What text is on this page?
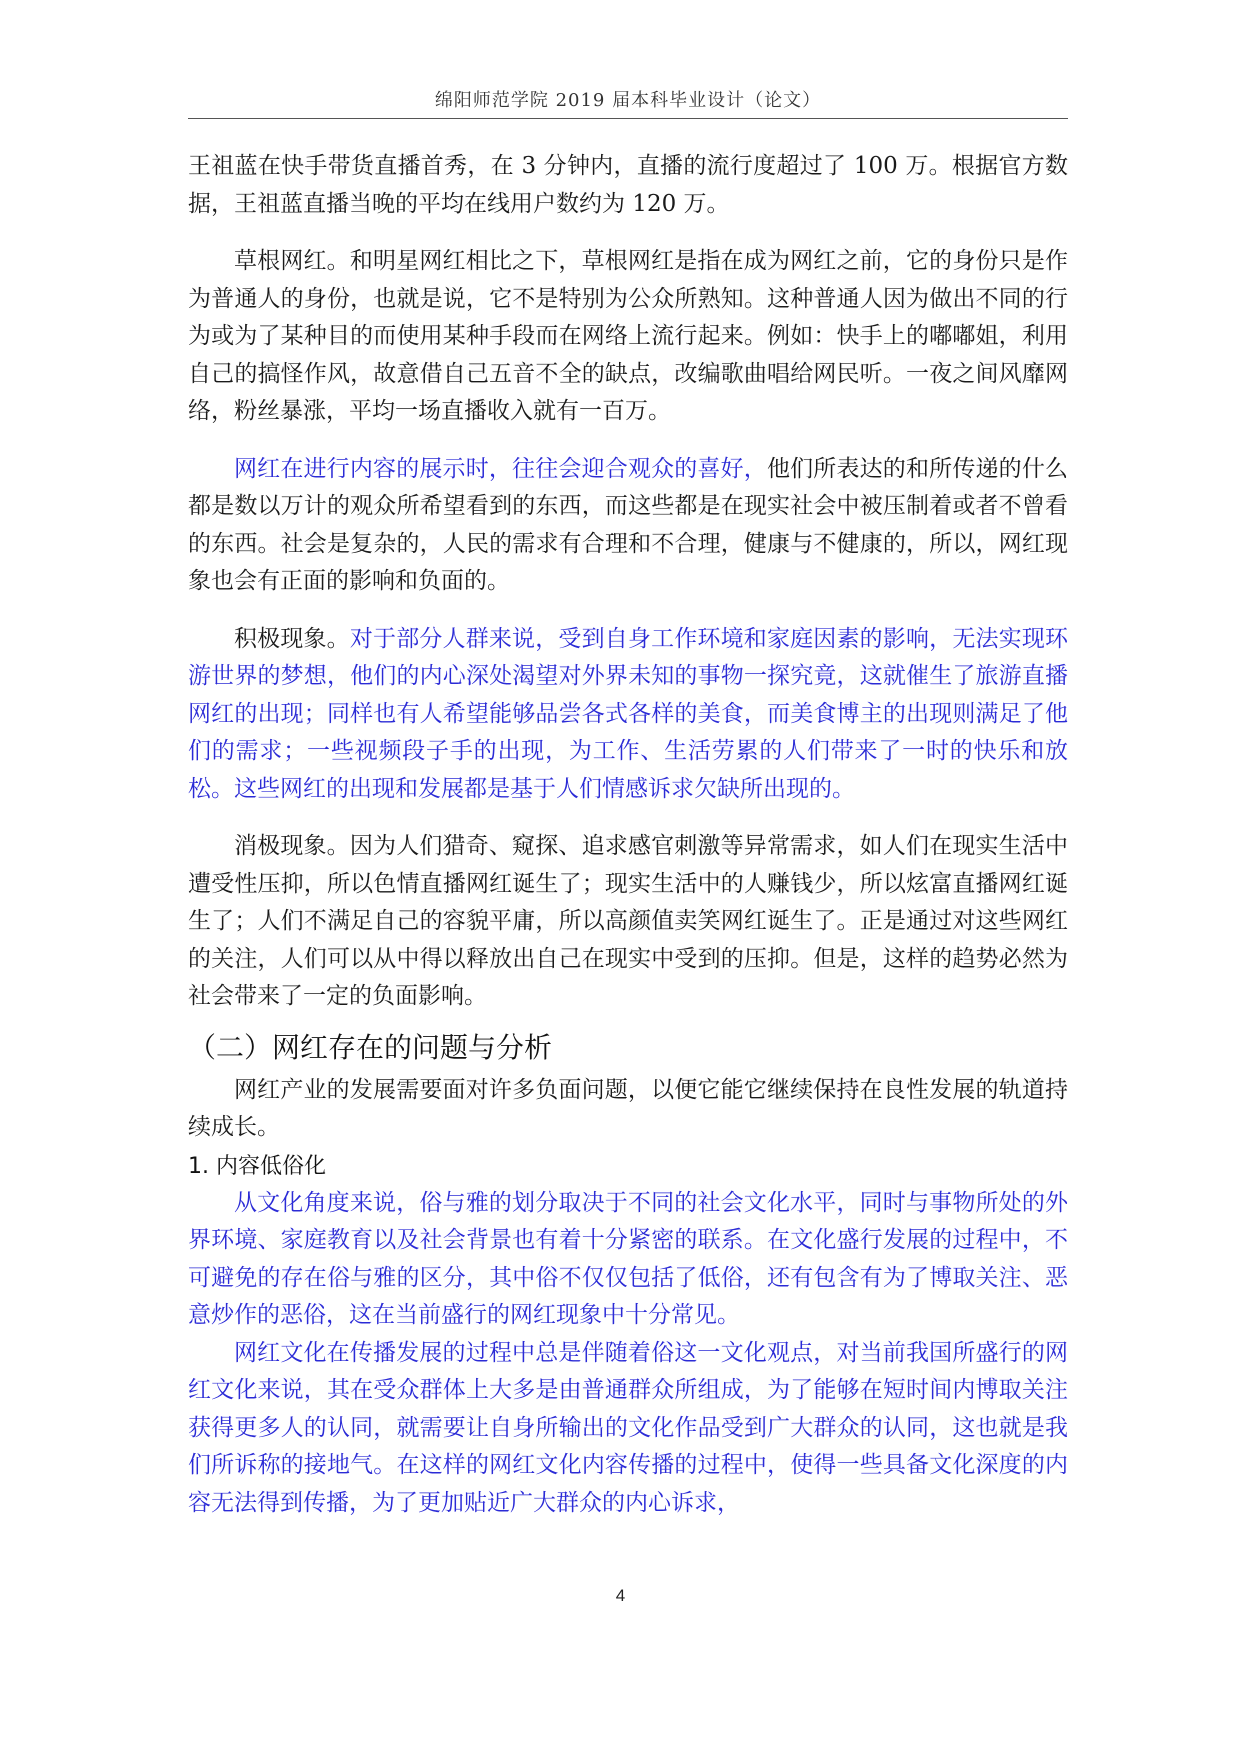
绵阳师范学院 2019 届本科毕业设计（论文）

王祖蓝在快手带货直播首秀，在 3 分钟内，直播的流行度超过了 100 万。根据官方数据，王祖蓝直播当晚的平均在线用户数约为 120 万。

草根网红。和明星网红相比之下，草根网红是指在成为网红之前，它的身份只是作为普通人的身份，也就是说，它不是特别为公众所熟知。这种普通人因为做出不同的行为或为了某种目的而使用某种手段而在网络上流行起来。例如：快手上的嘟嘟姐，利用自己的搞怪作风，故意借自己五音不全的缺点，改编歌曲唱给网民听。一夜之间风靡网络，粉丝暴涨，平均一场直播收入就有一百万。

网红在进行内容的展示时，往往会迎合观众的喜好，他们所表达的和所传递的什么都是数以万计的观众所希望看到的东西，而这些都是在现实社会中被压制着或者不曾看的东西。社会是复杂的，人民的需求有合理和不合理，健康与不健康的，所以，网红现象也会有正面的影响和负面的。

积极现象。对于部分人群来说，受到自身工作环境和家庭因素的影响，无法实现环游世界的梦想，他们的内心深处渴望对外界未知的事物一探究竟，这就催生了旅游直播网红的出现；同样也有人希望能够品尝各式各样的美食，而美食博主的出现则满足了他们的需求；一些视频段子手的出现，为工作、生活劳累的人们带来了一时的快乐和放松。这些网红的出现和发展都是基于人们情感诉求欠缺所出现的。

消极现象。因为人们猎奇、窥探、追求感官刺激等异常需求，如人们在现实生活中遭受性压抑，所以色情直播网红诞生了；现实生活中的人赚钱少，所以炫富直播网红诞生了；人们不满足自己的容貌平庸，所以高颜值卖笑网红诞生了。正是通过对这些网红的关注，人们可以从中得以释放出自己在现实中受到的压抑。但是，这样的趋势必然为社会带来了一定的负面影响。

（二）网红存在的问题与分析

网红产业的发展需要面对许多负面问题，以便它能它继续保持在良性发展的轨道持续成长。

1. 内容低俗化

从文化角度来说，俗与雅的划分取决于不同的社会文化水平，同时与事物所处的外界环境、家庭教育以及社会背景也有着十分紧密的联系。在文化盛行发展的过程中，不可避免的存在俗与雅的区分，其中俗不仅仅包括了低俗，还有包含有为了博取关注、恶意炒作的恶俗，这在当前盛行的网红现象中十分常见。

网红文化在传播发展的过程中总是伴随着俗这一文化观点，对当前我国所盛行的网红文化来说，其在受众群体上大多是由普通群众所组成，为了能够在短时间内博取关注获得更多人的认同，就需要让自身所输出的文化作品受到广大群众的认同，这也就是我们所诉称的接地气。在这样的网红文化内容传播的过程中，使得一些具备文化深度的内容无法得到传播，为了更加贴近广大群众的内心诉求，

4
